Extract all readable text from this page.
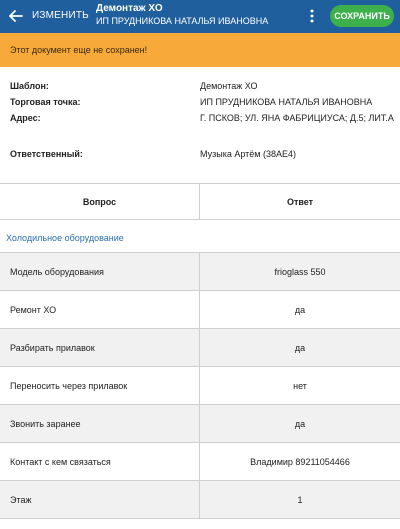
ИЗМЕНИТЬ
Демонтаж ХО
ИП ПРУДНИКОВА НАТАЛЬЯ ИВАНОВНА	СОХРАНИТЬ
Этот документ еще не сохранен!
Шаблон:	Демонтаж ХО
Торговая точка:	ИП ПРУДНИКОВА НАТАЛЬЯ ИВАНОВНА
Адрес:	Г. ПСКОВ; УЛ. ЯНА ФАБРИЦИУСА; Д.5; ЛИТ.А
Ответственный:	Музыка Артём (38AE4)
Вопрос	Ответ
Холодильное оборудование
Модель оборудования	frioglass 550
Ремонт ХО	да
Разбирать прилавок	да
Переносить через прилавок	нет
Звонить заранее	да
Контакт с кем связаться	Владимир 89211054466
Этаж	1
